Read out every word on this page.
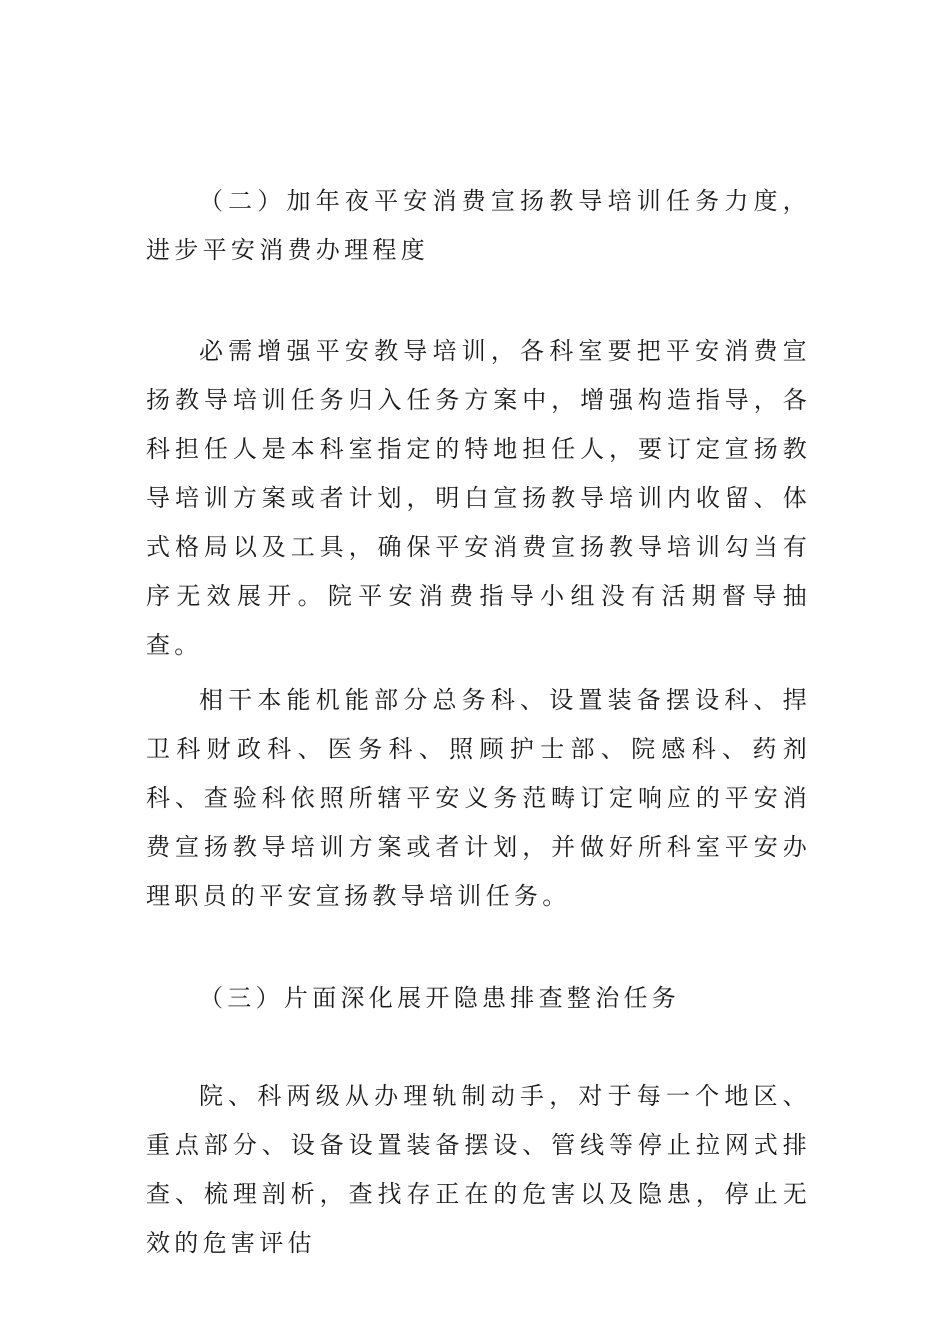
（二）加年夜平安消费宣扬教导培训任务力度，进步平安消费办理程度

必需增强平安教导培训，各科室要把平安消费宣扬教导培训任务归入任务方案中，增强构造指导，各科担任人是本科室指定的特地担任人，要订定宣扬教导培训方案或者计划，明白宣扬教导培训内收留、体式格局以及工具，确保平安消费宣扬教导培训勾当有序无效展开。院平安消费指导小组没有活期督导抽查。

相干本能机能部分总务科、设置装备摆设科、捍卫科财政科、医务科、照顾护士部、院感科、药剂科、查验科依照所辖平安义务范畴订定响应的平安消费宣扬教导培训方案或者计划，并做好所科室平安办理职员的平安宣扬教导培训任务。

（三）片面深化展开隐患排查整治任务

院、科两级从办理轨制动手，对于每一个地区、重点部分、设备设置装备摆设、管线等停止拉网式排查、梳理剖析，查找存正在的危害以及隐患，停止无效的危害评估
